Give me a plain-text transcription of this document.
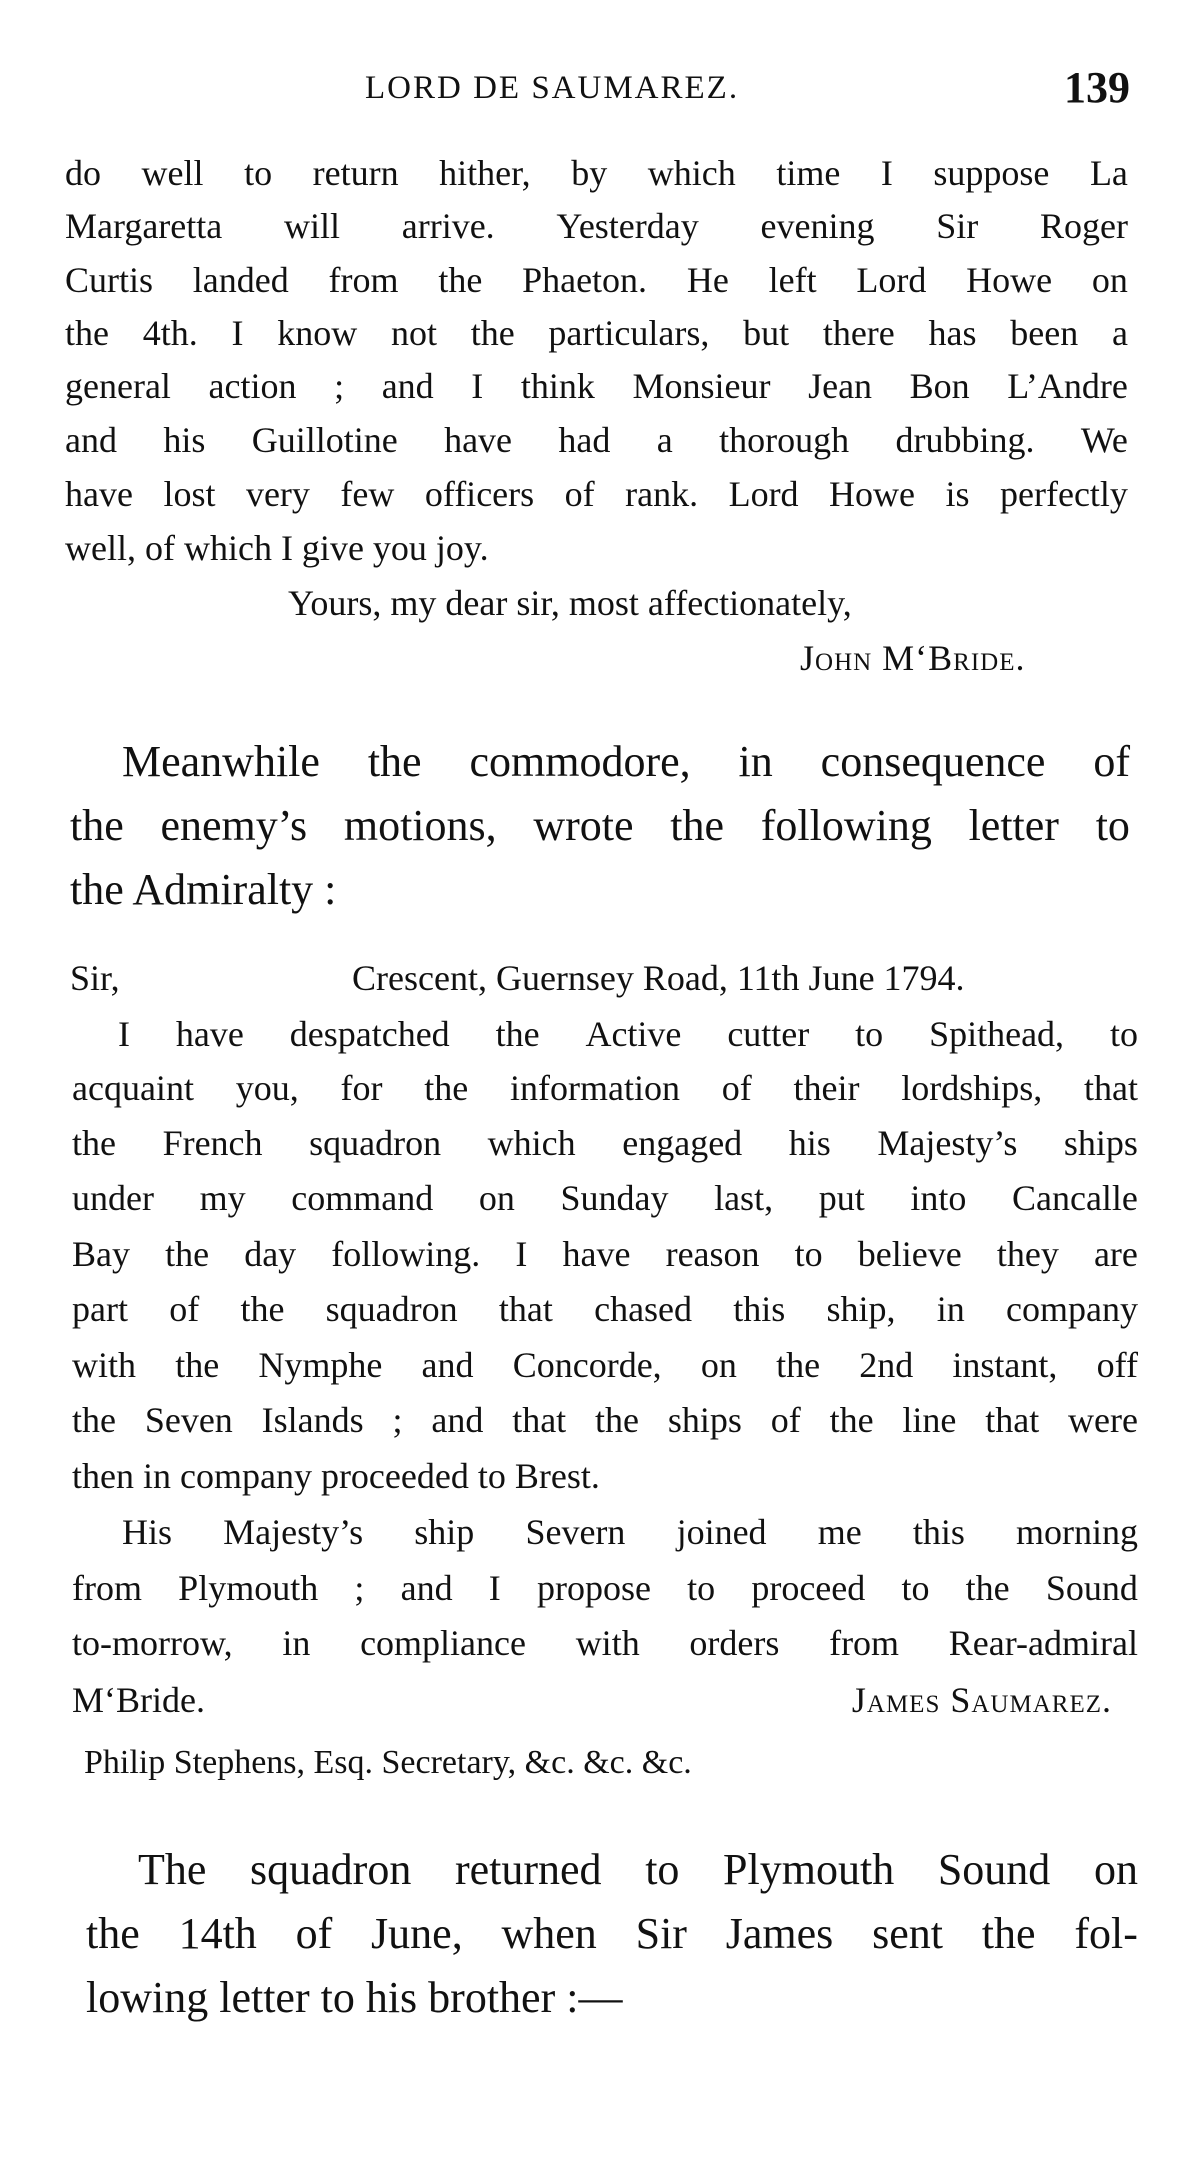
LORD DE SAUMAREZ.	139
do well to return hither, by which time I suppose La
Margaretta will arrive. Yesterday evening Sir Roger
Curtis landed from the Phaeton. He left Lord Howe on
the 4th. I know not the particulars, but there has been a
general action ; and I think Monsieur Jean Bon L’Andre
and his Guillotine have had a thorough drubbing. We
have lost very few officers of rank. Lord Howe is perfectly
well, of which I give you joy.
Yours, my dear sir, most affectionately,
John M‘Bride.
Meanwhile the commodore, in consequence of
the enemy’s motions, wrote the following letter to
the Admiralty :
Sir,	Crescent, Guernsey Road, 11th June 1794.
I have despatched the Active cutter to Spithead, to
acquaint you, for the information of their lordships, that
the French squadron which engaged his Majesty’s ships
under my command on Sunday last, put into Cancalle
Bay the day following. I have reason to believe they are
part of the squadron that chased this ship, in company
with the Nymphe and Concorde, on the 2nd instant, off
the Seven Islands ; and that the ships of the line that were
then in company proceeded to Brest.
His Majesty’s ship Severn joined me this morning
from Plymouth ; and I propose to proceed to the Sound
to-morrow, in compliance with orders from Rear-admiral
M‘Bride.	James Saumarez.
Philip Stephens, Esq. Secretary, &c. &c. &c.
The squadron returned to Plymouth Sound on
the 14th of June, when Sir James sent the fol-
lowing letter to his brother :—
